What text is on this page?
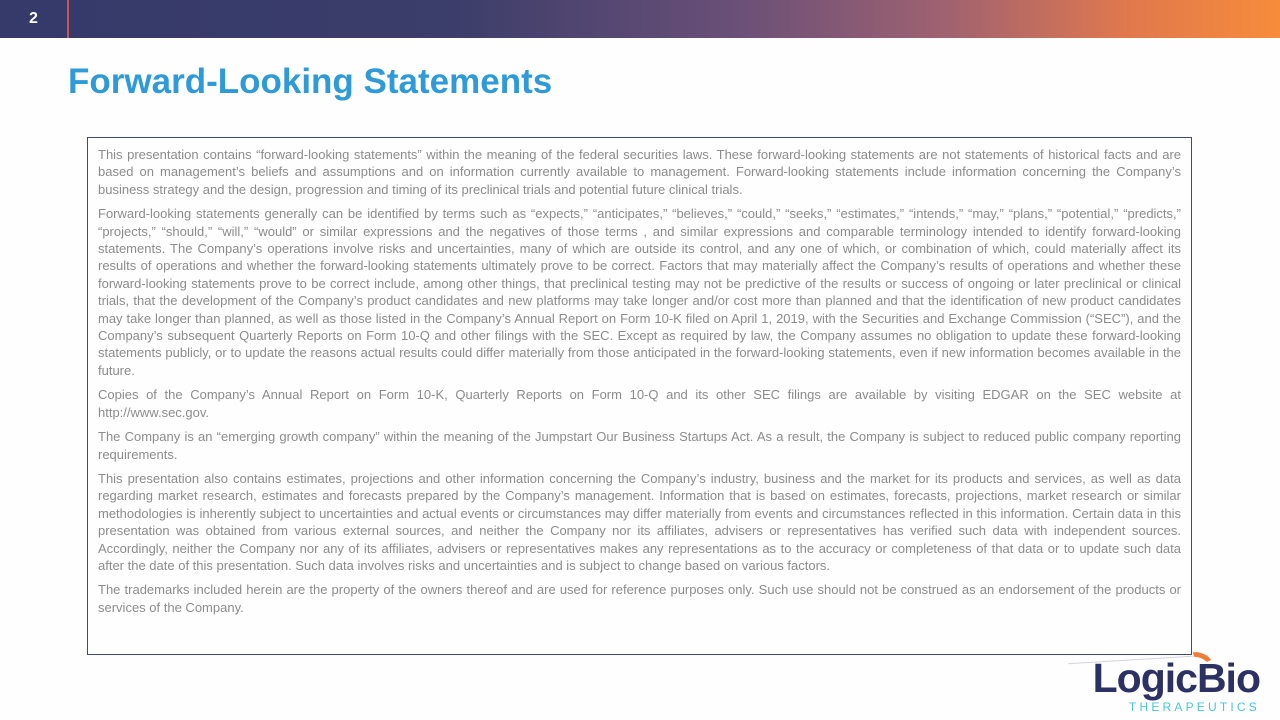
2
Forward-Looking Statements

This presentation contains “forward-looking statements” within the meaning of the federal securities laws. These forward-looking statements are not statements of historical facts and are based on management’s beliefs and assumptions and on information currently available to management. Forward-looking statements include information concerning the Company’s business strategy and the design, progression and timing of its preclinical trials and potential future clinical trials.

Forward-looking statements generally can be identified by terms such as “expects,” “anticipates,” “believes,” “could,” “seeks,” “estimates,” “intends,” “may,” “plans,” “potential,” “predicts,” “projects,” “should,” “will,” “would” or similar expressions and the negatives of those terms , and similar expressions and comparable terminology intended to identify forward-looking statements. The Company’s operations involve risks and uncertainties, many of which are outside its control, and any one of which, or combination of which, could materially affect its results of operations and whether the forward-looking statements ultimately prove to be correct. Factors that may materially affect the Company’s results of operations and whether these forward-looking statements prove to be correct include, among other things, that preclinical testing may not be predictive of the results or success of ongoing or later preclinical or clinical trials, that the development of the Company’s product candidates and new platforms may take longer and/or cost more than planned and that the identification of new product candidates may take longer than planned, as well as those listed in the Company’s Annual Report on Form 10-K filed on April 1, 2019, with the Securities and Exchange Commission (“SEC”), and the Company’s subsequent Quarterly Reports on Form 10-Q and other filings with the SEC. Except as required by law, the Company assumes no obligation to update these forward-looking statements publicly, or to update the reasons actual results could differ materially from those anticipated in the forward-looking statements, even if new information becomes available in the future.

Copies of the Company’s Annual Report on Form 10-K, Quarterly Reports on Form 10-Q and its other SEC filings are available by visiting EDGAR on the SEC website at http://www.sec.gov.

The Company is an “emerging growth company” within the meaning of the Jumpstart Our Business Startups Act. As a result, the Company is subject to reduced public company reporting requirements.

This presentation also contains estimates, projections and other information concerning the Company’s industry, business and the market for its products and services, as well as data regarding market research, estimates and forecasts prepared by the Company’s management. Information that is based on estimates, forecasts, projections, market research or similar methodologies is inherently subject to uncertainties and actual events or circumstances may differ materially from events and circumstances reflected in this information. Certain data in this presentation was obtained from various external sources, and neither the Company nor its affiliates, advisers or representatives has verified such data with independent sources. Accordingly, neither the Company nor any of its affiliates, advisers or representatives makes any representations as to the accuracy or completeness of that data or to update such data after the date of this presentation. Such data involves risks and uncertainties and is subject to change based on various factors.

The trademarks included herein are the property of the owners thereof and are used for reference purposes only. Such use should not be construed as an endorsement of the products or services of the Company.

LogicBio
THERAPEUTICS
